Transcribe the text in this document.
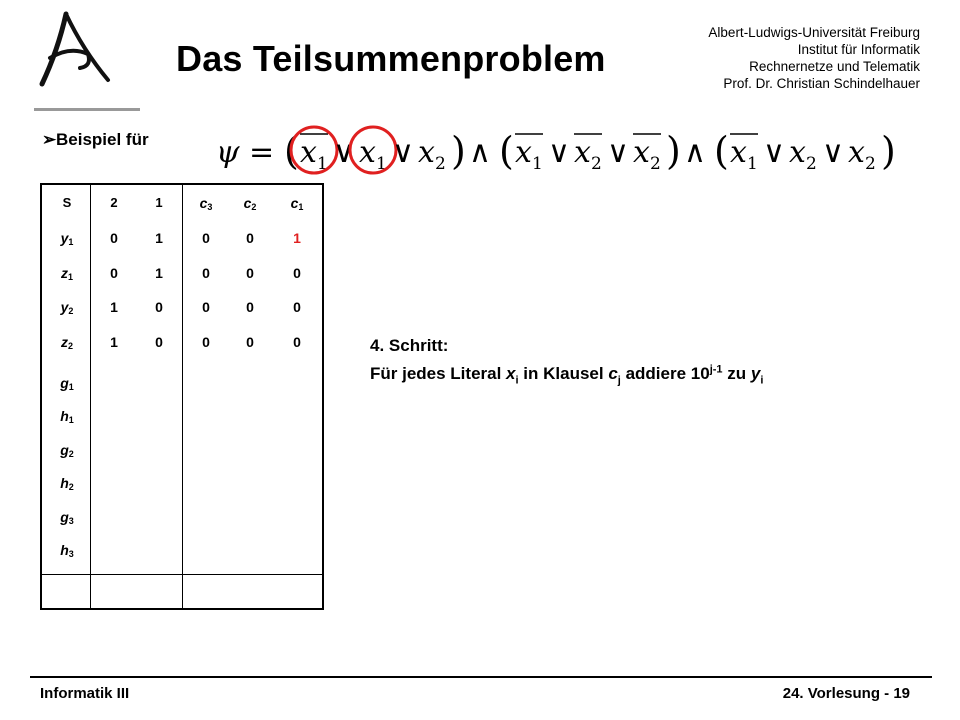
Das Teilsummenproblem
Albert-Ludwigs-Universität Freiburg
Institut für Informatik
Rechnernetze und Telematik
Prof. Dr. Christian Schindelhauer
➢Beispiel für ψ = ( x 1 ∨ x 1 ∨ x 2 ) ∧ ( x 1 ∨ x 2 ∨ x 2 ) ∧ ( x 1 ∨ x 2 ∨ x 2 )
S	2	1	$c_3$	$c_2$	$c_1$
$y_1$	0	1	0	0	1
$z_1$	0	1	0	0	0
$y_2$	1	0	0	0	0
$z_2$	1	0	0	0	0
$g_1$
$h_1$
$g_2$
$h_2$
$g_3$
$h_3$
4. Schritt:
Für jedes Literal $x_i$ in Klausel $c_j$ addiere 10$^{j-1}$ zu $y_i$
Informatik III	24. Vorlesung - 19
